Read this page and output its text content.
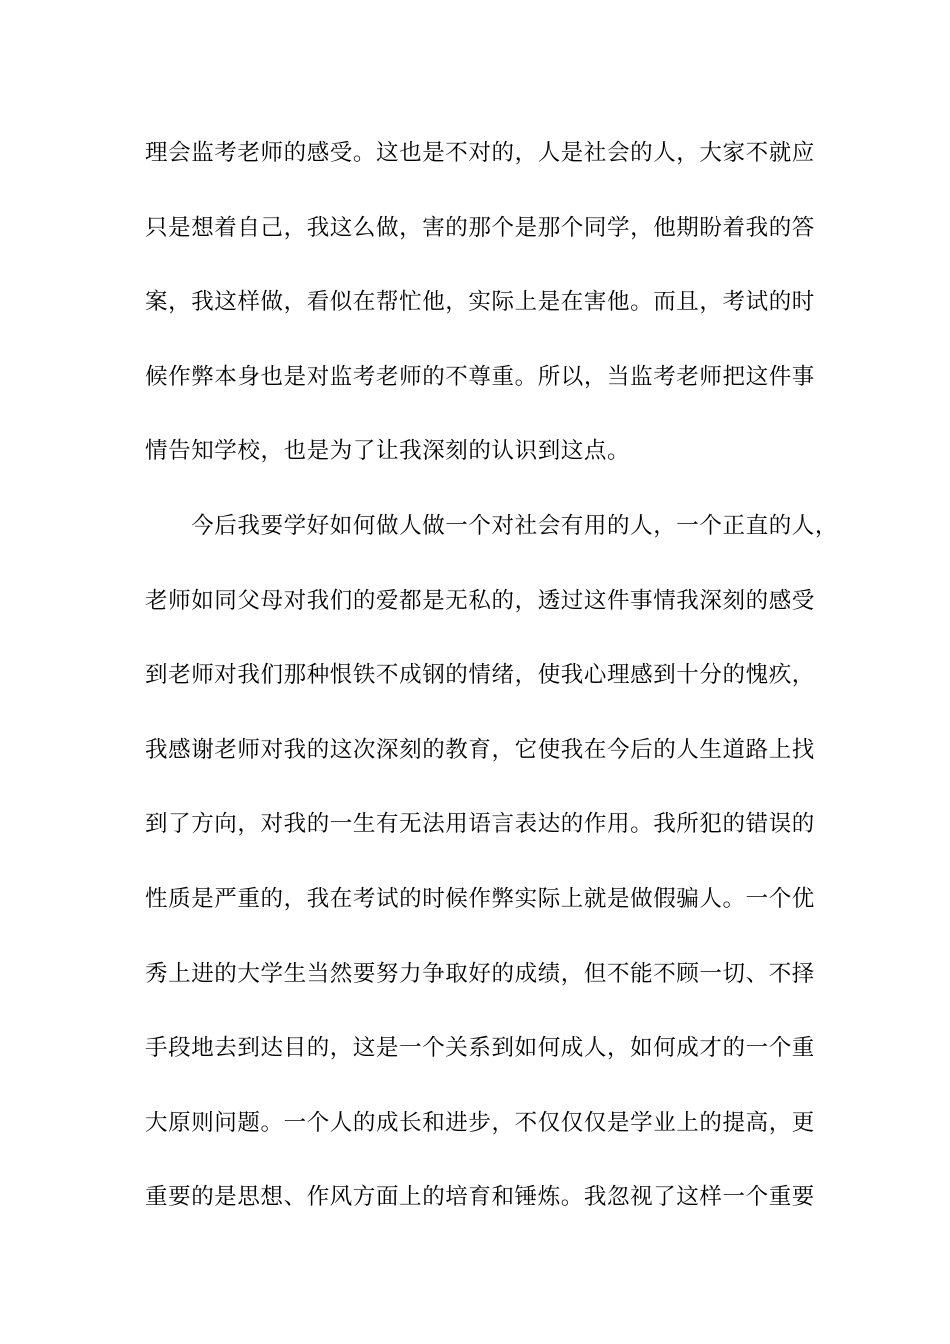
理会监考老师的感受。这也是不对的，人是社会的人，大家不就应
只是想着自己，我这么做，害的那个是那个同学，他期盼着我的答
案，我这样做，看似在帮忙他，实际上是在害他。而且，考试的时
候作弊本身也是对监考老师的不尊重。所以，当监考老师把这件事
情告知学校，也是为了让我深刻的认识到这点。
　　今后我要学好如何做人做一个对社会有用的人，一个正直的人，
老师如同父母对我们的爱都是无私的，透过这件事情我深刻的感受
到老师对我们那种恨铁不成钢的情绪，使我心理感到十分的愧疚，
我感谢老师对我的这次深刻的教育，它使我在今后的人生道路上找
到了方向，对我的一生有无法用语言表达的作用。我所犯的错误的
性质是严重的，我在考试的时候作弊实际上就是做假骗人。一个优
秀上进的大学生当然要努力争取好的成绩，但不能不顾一切、不择
手段地去到达目的，这是一个关系到如何成人，如何成才的一个重
大原则问题。一个人的成长和进步，不仅仅仅是学业上的提高，更
重要的是思想、作风方面上的培育和锤炼。我忽视了这样一个重要
